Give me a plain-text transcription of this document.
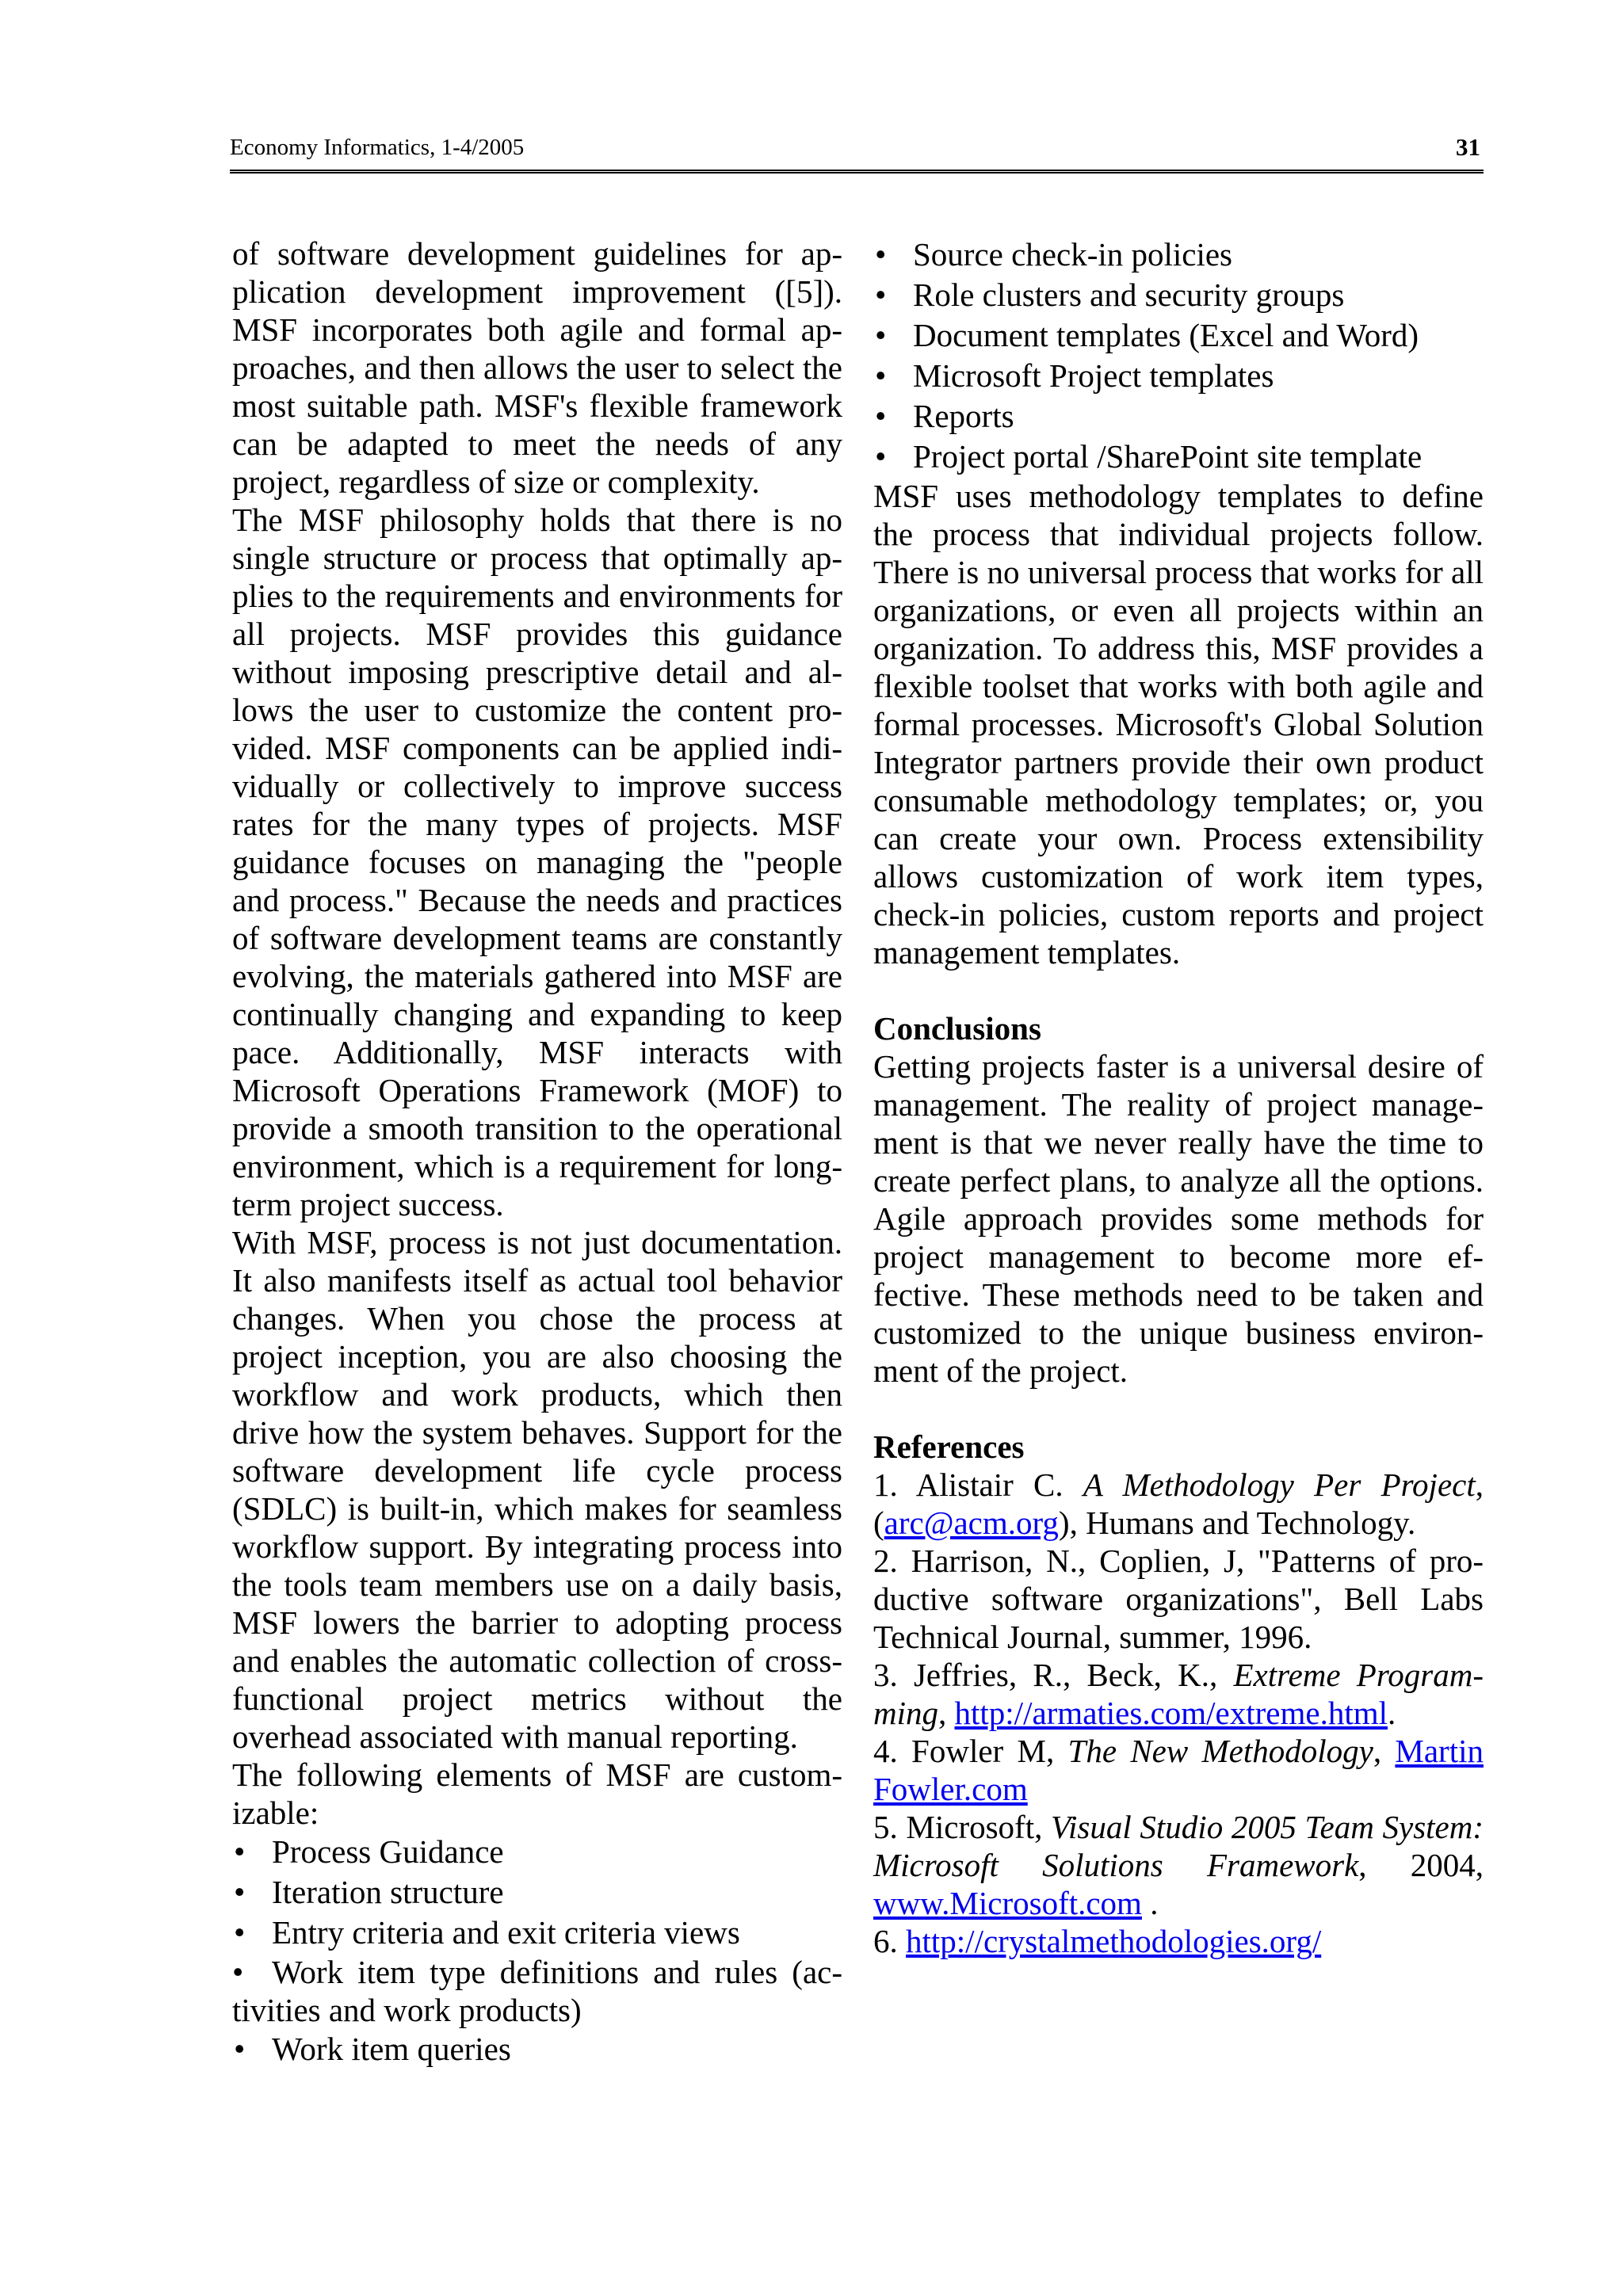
Economy Informatics, 1-4/2005	31

of software development guidelines for application development improvement ([5]). MSF incorporates both agile and formal approaches, and then allows the user to select the most suitable path. MSF's flexible framework can be adapted to meet the needs of any project, regardless of size or complexity.

The MSF philosophy holds that there is no single structure or process that optimally applies to the requirements and environments for all projects. MSF provides this guidance without imposing prescriptive detail and allows the user to customize the content provided. MSF components can be applied individually or collectively to improve success rates for the many types of projects. MSF guidance focuses on managing the "people and process." Because the needs and practices of software development teams are constantly evolving, the materials gathered into MSF are continually changing and expanding to keep pace. Additionally, MSF interacts with Microsoft Operations Framework (MOF) to provide a smooth transition to the operational environment, which is a requirement for long-term project success.

With MSF, process is not just documentation. It also manifests itself as actual tool behavior changes. When you chose the process at project inception, you are also choosing the workflow and work products, which then drive how the system behaves. Support for the software development life cycle process (SDLC) is built-in, which makes for seamless workflow support. By integrating process into the tools team members use on a daily basis, MSF lowers the barrier to adopting process and enables the automatic collection of cross-functional project metrics without the overhead associated with manual reporting.

The following elements of MSF are customizable:

• Process Guidance
• Iteration structure
• Entry criteria and exit criteria views
• Work item type definitions and rules (activities and work products)
• Work item queries
• Source check-in policies
• Role clusters and security groups
• Document templates (Excel and Word)
• Microsoft Project templates
• Reports
• Project portal /SharePoint site template

MSF uses methodology templates to define the process that individual projects follow. There is no universal process that works for all organizations, or even all projects within an organization. To address this, MSF provides a flexible toolset that works with both agile and formal processes. Microsoft's Global Solution Integrator partners provide their own product consumable methodology templates; or, you can create your own. Process extensibility allows customization of work item types, check-in policies, custom reports and project management templates.

Conclusions

Getting projects faster is a universal desire of management. The reality of project management is that we never really have the time to create perfect plans, to analyze all the options. Agile approach provides some methods for project management to become more effective. These methods need to be taken and customized to the unique business environment of the project.

References

1. Alistair C. A Methodology Per Project, (arc@acm.org), Humans and Technology.

2. Harrison, N., Coplien, J, "Patterns of productive software organizations", Bell Labs Technical Journal, summer, 1996.

3. Jeffries, R., Beck, K., Extreme Programming, http://armaties.com/extreme.html.

4. Fowler M, The New Methodology, Martin Fowler.com

5. Microsoft, Visual Studio 2005 Team System: Microsoft Solutions Framework, 2004, www.Microsoft.com .

6. http://crystalmethodologies.org/
